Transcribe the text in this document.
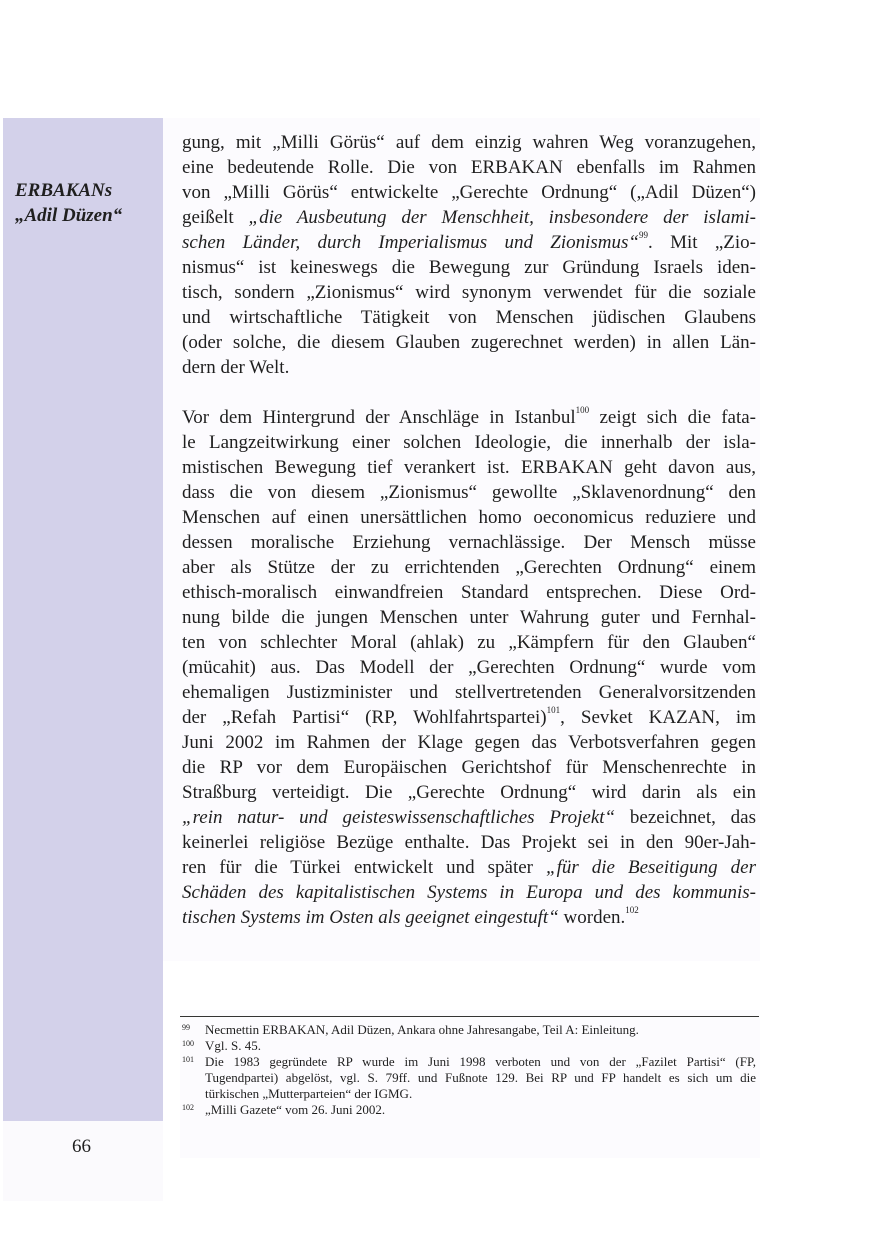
ERBAKANs
„Adil Düzen“
66

gung, mit „Milli Görüs“ auf dem einzig wahren Weg voranzugehen,
eine bedeutende Rolle. Die von ERBAKAN ebenfalls im Rahmen
von „Milli Görüs“ entwickelte „Gerechte Ordnung“ („Adil Düzen“)
geißelt „die Ausbeutung der Menschheit, insbesondere der islami-
schen Länder, durch Imperialismus und Zionismus“$^{99}$. Mit „Zio-
nismus“ ist keineswegs die Bewegung zur Gründung Israels iden-
tisch, sondern „Zionismus“ wird synonym verwendet für die soziale
und wirtschaftliche Tätigkeit von Menschen jüdischen Glaubens
(oder solche, die diesem Glauben zugerechnet werden) in allen Län-
dern der Welt.

Vor dem Hintergrund der Anschläge in Istanbul$^{100}$ zeigt sich die fata-
le Langzeitwirkung einer solchen Ideologie, die innerhalb der isla-
mistischen Bewegung tief verankert ist. ERBAKAN geht davon aus,
dass die von diesem „Zionismus“ gewollte „Sklavenordnung“ den
Menschen auf einen unersättlichen homo oeconomicus reduziere und
dessen moralische Erziehung vernachlässige. Der Mensch müsse
aber als Stütze der zu errichtenden „Gerechten Ordnung“ einem
ethisch-moralisch einwandfreien Standard entsprechen. Diese Ord-
nung bilde die jungen Menschen unter Wahrung guter und Fernhal-
ten von schlechter Moral (ahlak) zu „Kämpfern für den Glauben“
(mücahit) aus. Das Modell der „Gerechten Ordnung“ wurde vom
ehemaligen Justizminister und stellvertretenden Generalvorsitzenden
der „Refah Partisi“ (RP, Wohlfahrtspartei)$^{101}$, Sevket KAZAN, im
Juni 2002 im Rahmen der Klage gegen das Verbotsverfahren gegen
die RP vor dem Europäischen Gerichtshof für Menschenrechte in
Straßburg verteidigt. Die „Gerechte Ordnung“ wird darin als ein
„rein natur- und geisteswissenschaftliches Projekt“ bezeichnet, das
keinerlei religiöse Bezüge enthalte. Das Projekt sei in den 90er-Jah-
ren für die Türkei entwickelt und später „für die Beseitigung der
Schäden des kapitalistischen Systems in Europa und des kommunis-
tischen Systems im Osten als geeignet eingestuft“ worden.$^{102}$

99	Necmettin ERBAKAN, Adil Düzen, Ankara ohne Jahresangabe, Teil A: Einleitung.
100 Vgl. S. 45.
101 Die 1983 gegründete RP wurde im Juni 1998 verboten und von der „Fazilet Partisi“ (FP,
Tugendpartei) abgelöst, vgl. S. 79ff. und Fußnote 129. Bei RP und FP handelt es sich um die
türkischen „Mutterparteien“ der IGMG.
102 „Milli Gazete“ vom 26. Juni 2002.
